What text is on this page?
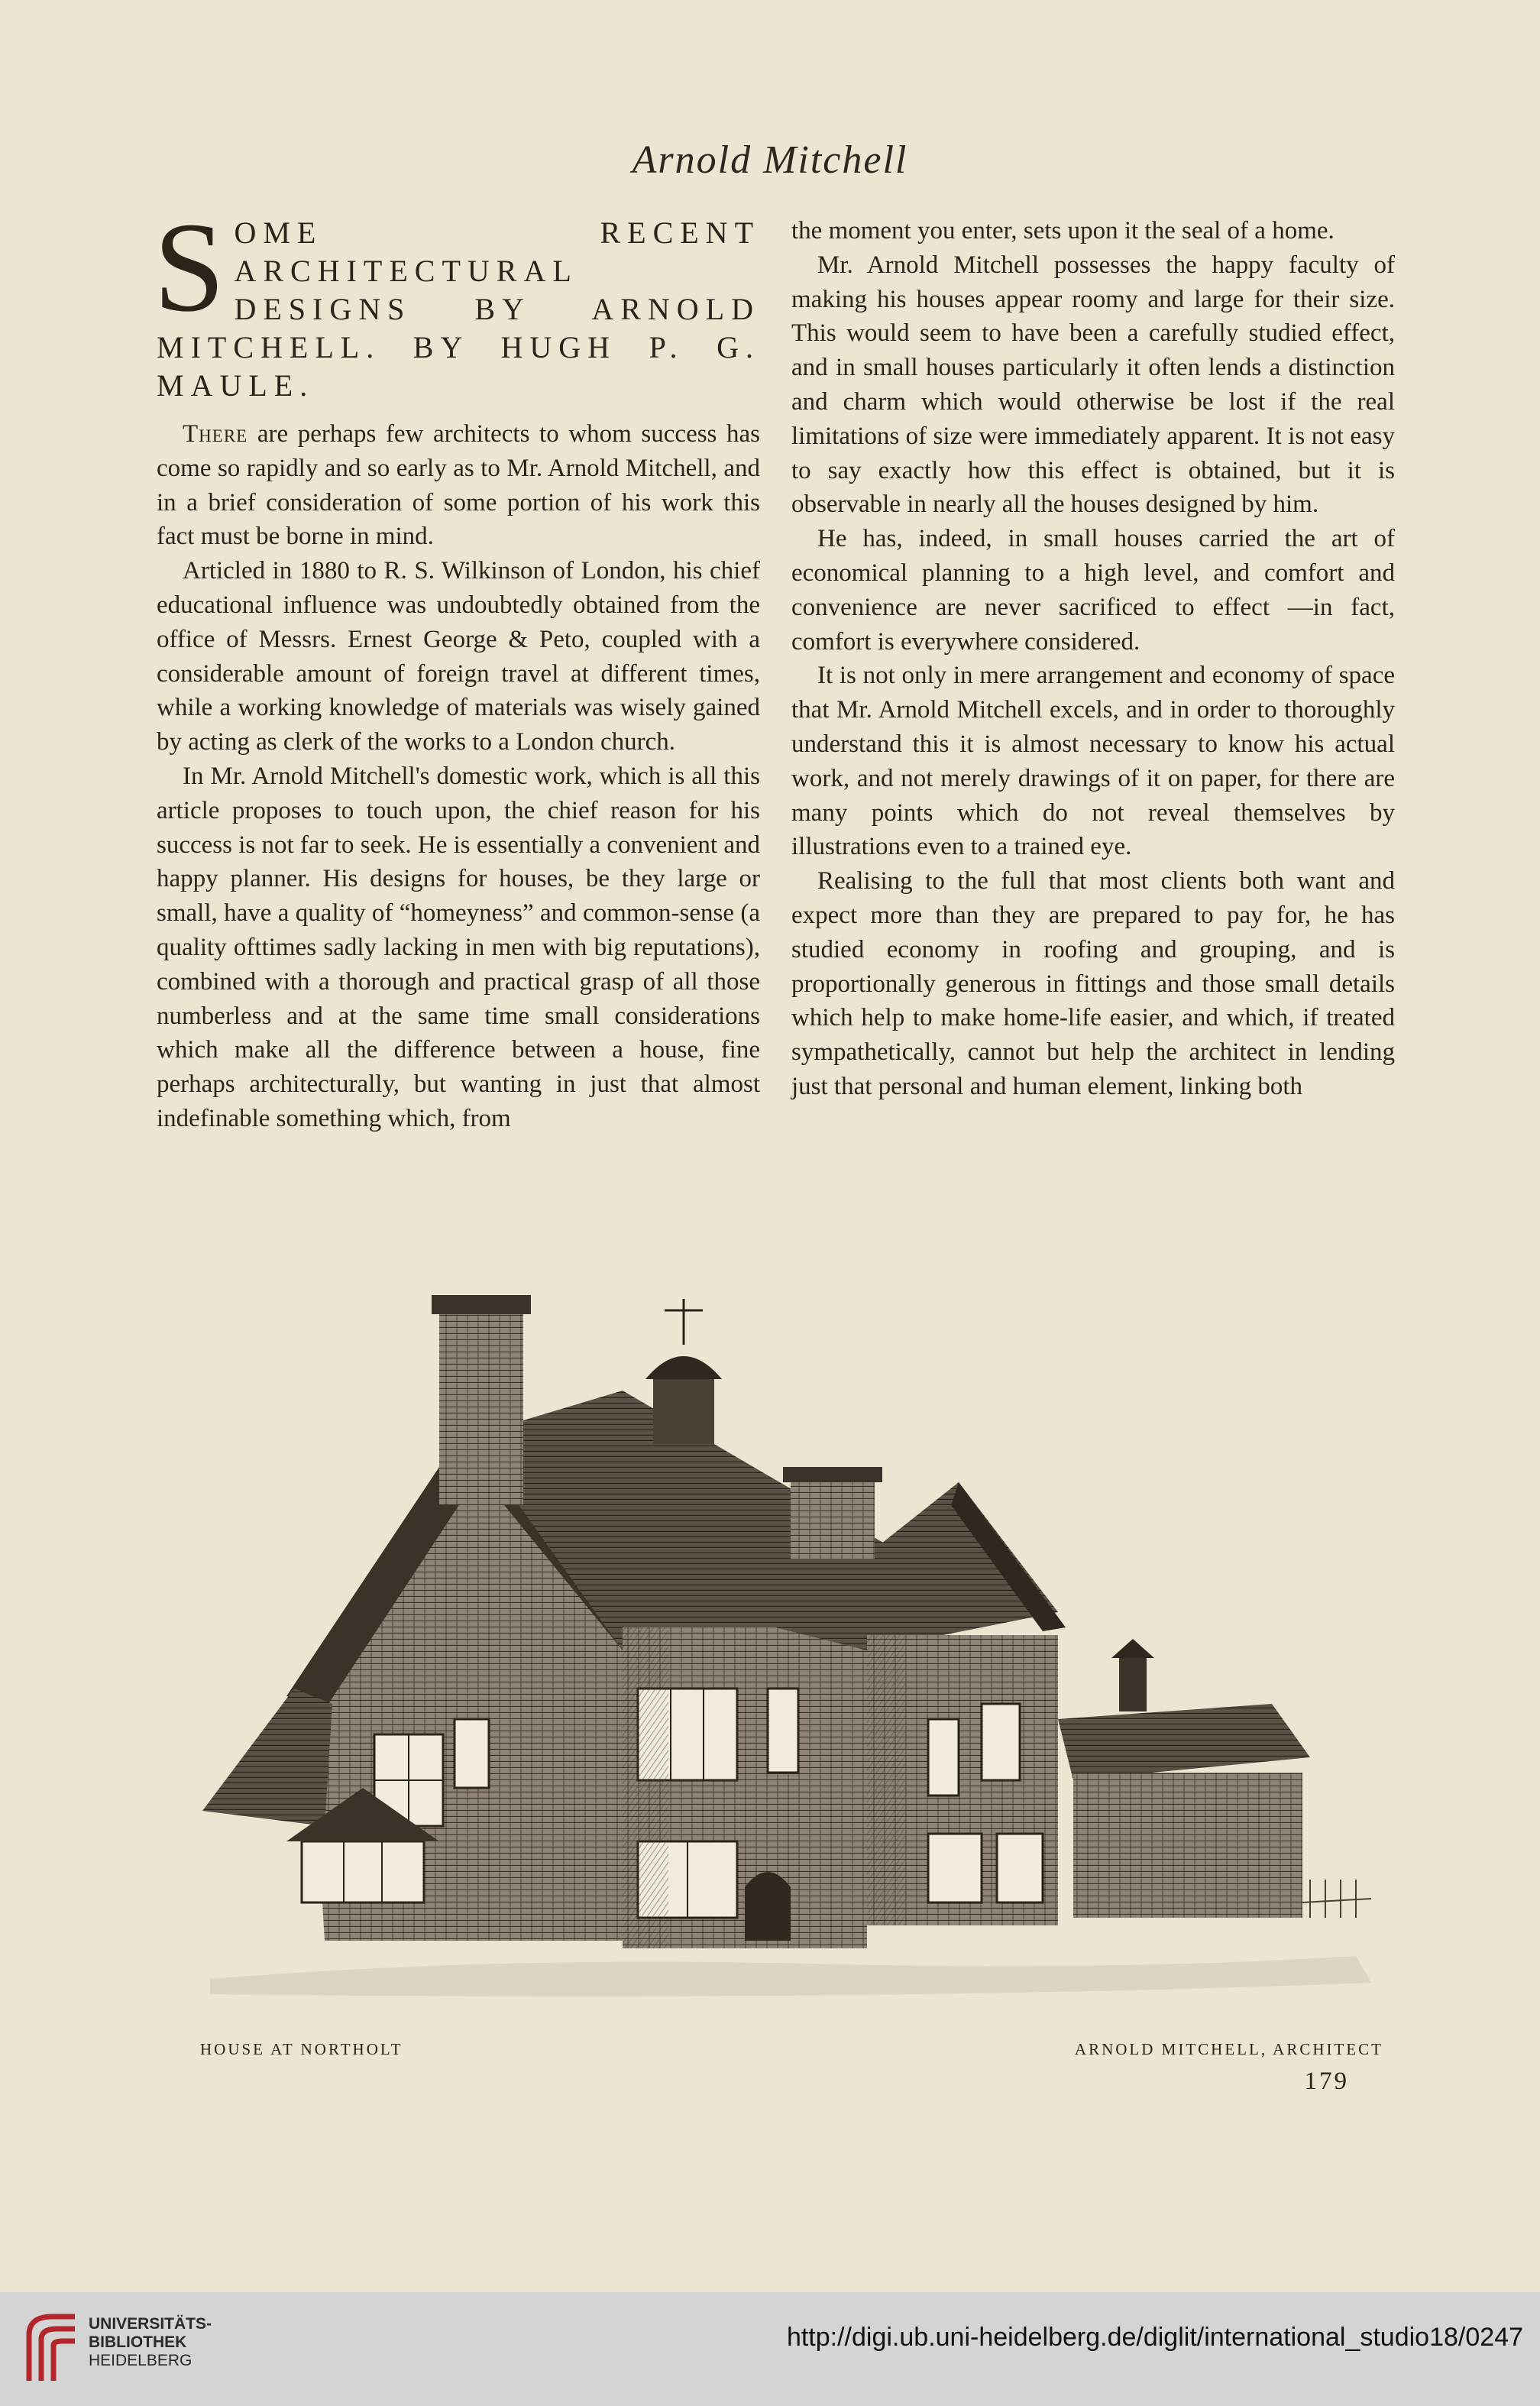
Arnold Mitchell
SOME RECENT ARCHITECTURAL DESIGNS BY ARNOLD MITCHELL. BY HUGH P. G. MAULE.

There are perhaps few architects to whom success has come so rapidly and so early as to Mr. Arnold Mitchell, and in a brief consideration of some portion of his work this fact must be borne in mind.

Articled in 1880 to R. S. Wilkinson of London, his chief educational influence was undoubtedly obtained from the office of Messrs. Ernest George & Peto, coupled with a considerable amount of foreign travel at different times, while a working knowledge of materials was wisely gained by acting as clerk of the works to a London church.

In Mr. Arnold Mitchell's domestic work, which is all this article proposes to touch upon, the chief reason for his success is not far to seek. He is essentially a convenient and happy planner. His designs for houses, be they large or small, have a quality of “homeyness” and common-sense (a quality ofttimes sadly lacking in men with big reputations), combined with a thorough and practical grasp of all those numberless and at the same time small considerations which make all the difference between a house, fine perhaps architecturally, but wanting in just that almost indefinable something which, from

the moment you enter, sets upon it the seal of a home.

Mr. Arnold Mitchell possesses the happy faculty of making his houses appear roomy and large for their size. This would seem to have been a carefully studied effect, and in small houses particularly it often lends a distinction and charm which would otherwise be lost if the real limitations of size were immediately apparent. It is not easy to say exactly how this effect is obtained, but it is observable in nearly all the houses designed by him.

He has, indeed, in small houses carried the art of economical planning to a high level, and comfort and convenience are never sacrificed to effect —in fact, comfort is everywhere considered.

It is not only in mere arrangement and economy of space that Mr. Arnold Mitchell excels, and in order to thoroughly understand this it is almost necessary to know his actual work, and not merely drawings of it on paper, for there are many points which do not reveal themselves by illustrations even to a trained eye.

Realising to the full that most clients both want and expect more than they are prepared to pay for, he has studied economy in roofing and grouping, and is proportionally generous in fittings and those small details which help to make home-life easier, and which, if treated sympathetically, cannot but help the architect in lending just that personal and human element, linking both

HOUSE AT NORTHOLT	ARNOLD MITCHELL, ARCHITECT
179
UNIVERSITÄTS-
BIBLIOTHEK
HEIDELBERG
http://digi.ub.uni-heidelberg.de/diglit/international_studio18/0247
